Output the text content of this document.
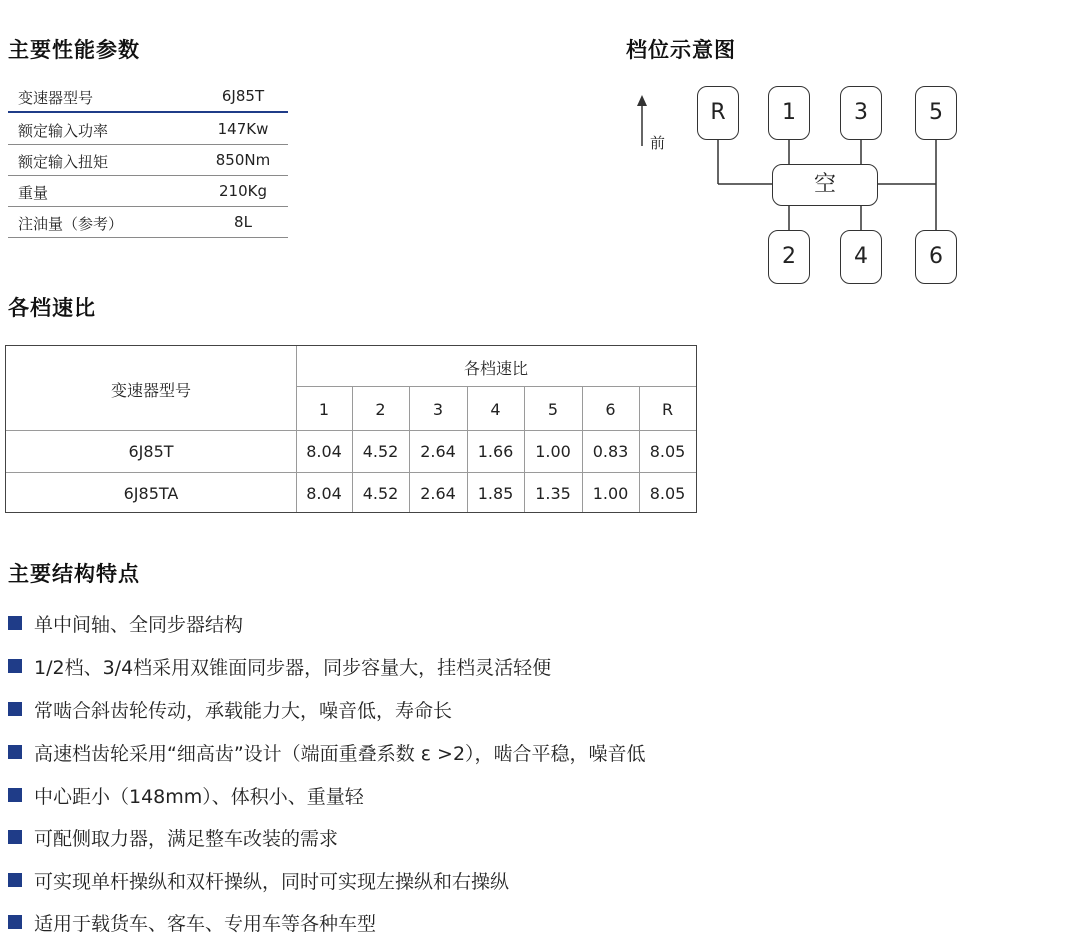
主要性能参数
变速器型号	6J85T
额定输入功率	147Kw
额定输入扭矩	850Nm
重量	210Kg
注油量（参考）	8L
档位示意图
前
R	1	3	5
空
2	4	6
各档速比
变速器型号
各档速比
1	2	3	4	5	6	R
6J85T	8.04	4.52	2.64	1.66	1.00	0.83	8.05
6J85TA	8.04	4.52	2.64	1.85	1.35	1.00	8.05
主要结构特点
单中间轴、全同步器结构
1/2档、3/4档采用双锥面同步器，同步容量大，挂档灵活轻便
常啮合斜齿轮传动，承载能力大，噪音低，寿命长
高速档齿轮采用“细高齿”设计（端面重叠系数 ε >2），啮合平稳，噪音低
中心距小（148mm）、体积小、重量轻
可配侧取力器，满足整车改装的需求
可实现单杆操纵和双杆操纵，同时可实现左操纵和右操纵
适用于载货车、客车、专用车等各种车型
